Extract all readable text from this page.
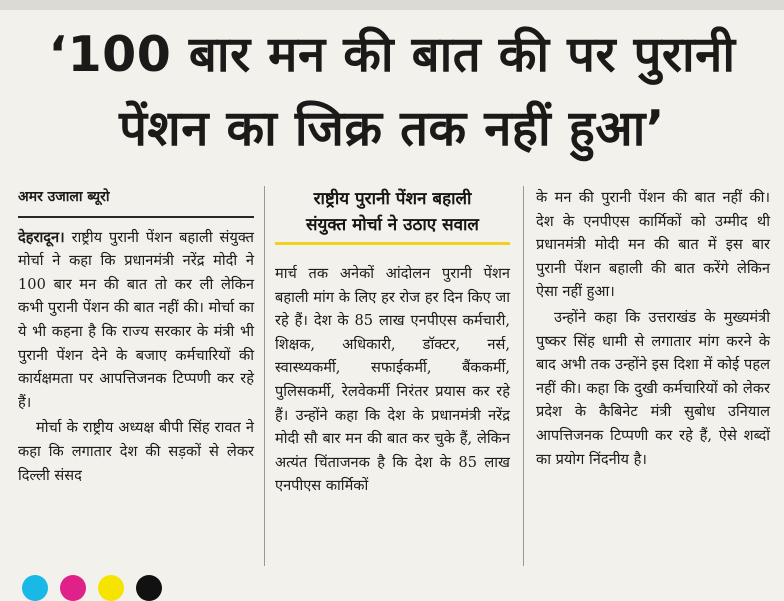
‘100 बार मन की बात की पर पुरानी
पेंशन का जिक्र तक नहीं हुआ’
अमर उजाला ब्यूरो

देहरादून। राष्ट्रीय पुरानी पेंशन बहाली संयुक्त मोर्चा ने कहा कि प्रधानमंत्री नरेंद्र मोदी ने 100 बार मन की बात तो कर ली लेकिन कभी पुरानी पेंशन की बात नहीं की। मोर्चा का ये भी कहना है कि राज्य सरकार के मंत्री भी पुरानी पेंशन देने के बजाए कर्मचारियों की कार्यक्षमता पर आपत्तिजनक टिप्पणी कर रहे हैं।

मोर्चा के राष्ट्रीय अध्यक्ष बीपी सिंह रावत ने कहा कि लगातार देश की सड़कों से लेकर दिल्ली संसद

राष्ट्रीय पुरानी पेंशन बहाली
संयुक्त मोर्चा ने उठाए सवाल

मार्च तक अनेकों आंदोलन पुरानी पेंशन बहाली मांग के लिए हर रोज हर दिन किए जा रहे हैं। देश के 85 लाख एनपीएस कर्मचारी, शिक्षक, अधिकारी, डॉक्टर, नर्स, स्वास्थ्यकर्मी, सफाईकर्मी, बैंककर्मी, पुलिसकर्मी, रेलवेकर्मी निरंतर प्रयास कर रहे हैं। उन्होंने कहा कि देश के प्रधानमंत्री नरेंद्र मोदी सौ बार मन की बात कर चुके हैं, लेकिन अत्यंत चिंताजनक है कि देश के 85 लाख एनपीएस कार्मिकों

के मन की पुरानी पेंशन की बात नहीं की। देश के एनपीएस कार्मिकों को उम्मीद थी प्रधानमंत्री मोदी मन की बात में इस बार पुरानी पेंशन बहाली की बात करेंगे लेकिन ऐसा नहीं हुआ।

उन्होंने कहा कि उत्तराखंड के मुख्यमंत्री पुष्कर सिंह धामी से लगातार मांग करने के बाद अभी तक उन्होंने इस दिशा में कोई पहल नहीं की। कहा कि दुखी कर्मचारियों को लेकर प्रदेश के कैबिनेट मंत्री सुबोध उनियाल आपत्तिजनक टिप्पणी कर रहे हैं, ऐसे शब्दों का प्रयोग निंदनीय है।
